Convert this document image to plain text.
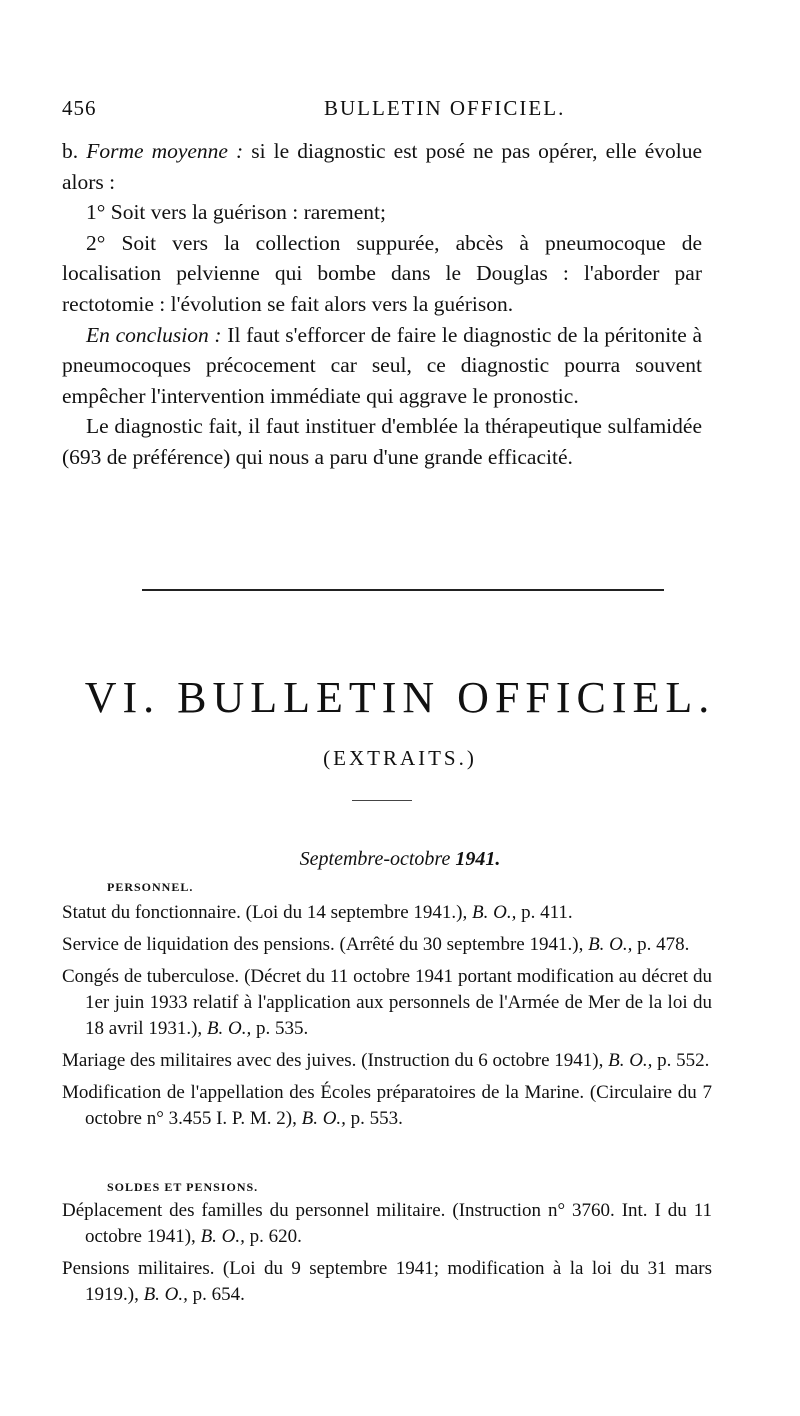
456	BULLETIN OFFICIEL.

b. Forme moyenne : si le diagnostic est posé ne pas opérer, elle évolue alors :

1° Soit vers la guérison : rarement;

2° Soit vers la collection suppurée, abcès à pneumocoque de localisation pelvienne qui bombe dans le Douglas : l'aborder par rectotomie : l'évolution se fait alors vers la guérison.

En conclusion : Il faut s'efforcer de faire le diagnostic de la péritonite à pneumocoques précocement car seul, ce diagnostic pourra souvent empêcher l'intervention immédiate qui aggrave le pronostic.

Le diagnostic fait, il faut instituer d'emblée la thérapeutique sulfamidée (693 de préférence) qui nous a paru d'une grande efficacité.

VI. BULLETIN OFFICIEL.
(EXTRAITS.)
Septembre-octobre 1941.
PERSONNEL.

Statut du fonctionnaire. (Loi du 14 septembre 1941.), B. O., p. 411.

Service de liquidation des pensions. (Arrêté du 30 septembre 1941.), B. O., p. 478.

Congés de tuberculose. (Décret du 11 octobre 1941 portant modification au décret du 1er juin 1933 relatif à l'application aux personnels de l'Armée de Mer de la loi du 18 avril 1931.), B. O., p. 535.

Mariage des militaires avec des juives. (Instruction du 6 octobre 1941), B. O., p. 552.

Modification de l'appellation des Écoles préparatoires de la Marine. (Circulaire du 7 octobre n° 3.455 I. P. M. 2), B. O., p. 553.

SOLDES ET PENSIONS.

Déplacement des familles du personnel militaire. (Instruction n° 3760. Int. I du 11 octobre 1941), B. O., p. 620.

Pensions militaires. (Loi du 9 septembre 1941; modification à la loi du 31 mars 1919.), B. O., p. 654.
